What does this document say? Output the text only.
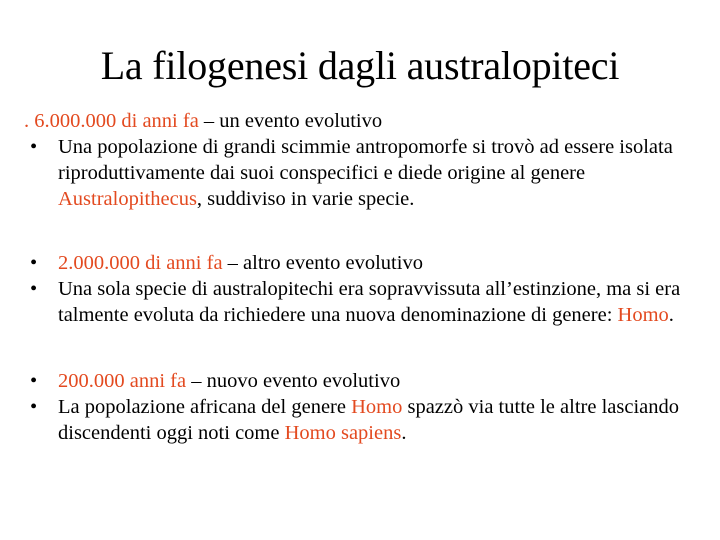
La filogenesi dagli australopiteci

. 6.000.000 di anni fa – un evento evolutivo

• Una popolazione di grandi scimmie antropomorfe si trovò ad essere isolata riproduttivamente dai suoi conspecifici e diede origine al genere Australopithecus, suddiviso in varie specie.

• 2.000.000 di anni fa – altro evento evolutivo

• Una sola specie di australopitechi era sopravvissuta all’estinzione, ma si era talmente evoluta da richiedere una nuova denominazione di genere: Homo.

• 200.000 anni fa – nuovo evento evolutivo

• La popolazione africana del genere Homo spazzò via tutte le altre lasciando discendenti oggi noti come Homo sapiens.
